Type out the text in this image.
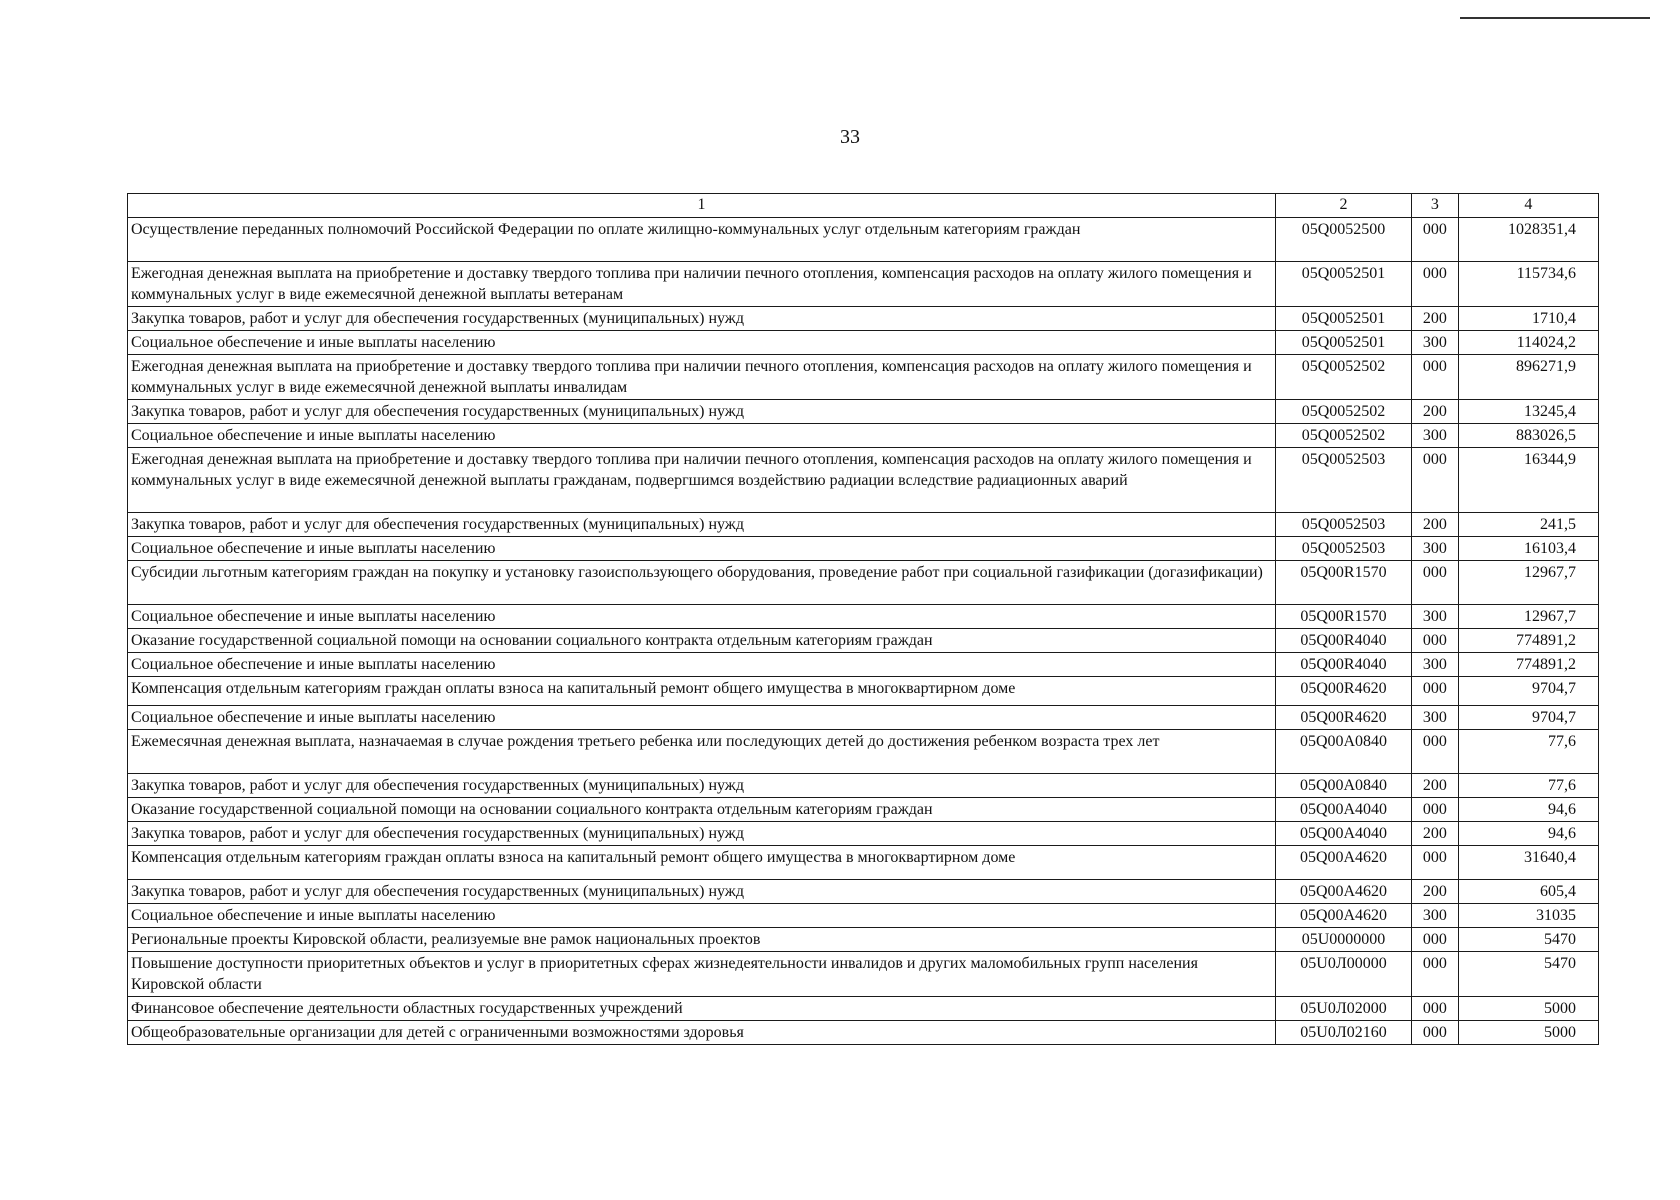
33
1	2	3	4
Осуществление переданных полномочий Российской Федерации по оплате жилищно-коммунальных услуг отдельным категориям граждан	05Q0052500	000	1028351,4
Ежегодная денежная выплата на приобретение и доставку твердого топлива при наличии печного отопления, компенсация расходов на оплату жилого помещения и коммунальных услуг в виде ежемесячной денежной выплаты ветеранам	05Q0052501	000	115734,6
Закупка товаров, работ и услуг для обеспечения государственных (муниципальных) нужд	05Q0052501	200	1710,4
Социальное обеспечение и иные выплаты населению	05Q0052501	300	114024,2
Ежегодная денежная выплата на приобретение и доставку твердого топлива при наличии печного отопления, компенсация расходов на оплату жилого помещения и коммунальных услуг в виде ежемесячной денежной выплаты инвалидам	05Q0052502	000	896271,9
Закупка товаров, работ и услуг для обеспечения государственных (муниципальных) нужд	05Q0052502	200	13245,4
Социальное обеспечение и иные выплаты населению	05Q0052502	300	883026,5
Ежегодная денежная выплата на приобретение и доставку твердого топлива при наличии печного отопления, компенсация расходов на оплату жилого помещения и коммунальных услуг в виде ежемесячной денежной выплаты гражданам, подвергшимся воздействию радиации вследствие радиационных аварий	05Q0052503	000	16344,9
Закупка товаров, работ и услуг для обеспечения государственных (муниципальных) нужд	05Q0052503	200	241,5
Социальное обеспечение и иные выплаты населению	05Q0052503	300	16103,4
Субсидии льготным категориям граждан на покупку и установку газоиспользующего оборудования, проведение работ при социальной газификации (догазификации)	05Q00R1570	000	12967,7
Социальное обеспечение и иные выплаты населению	05Q00R1570	300	12967,7
Оказание государственной социальной помощи на основании социального контракта отдельным категориям граждан	05Q00R4040	000	774891,2
Социальное обеспечение и иные выплаты населению	05Q00R4040	300	774891,2
Компенсация отдельным категориям граждан оплаты взноса на капитальный ремонт общего имущества в многоквартирном доме	05Q00R4620	000	9704,7
Социальное обеспечение и иные выплаты населению	05Q00R4620	300	9704,7
Ежемесячная денежная выплата, назначаемая в случае рождения третьего ребенка или последующих детей до достижения ребенком возраста трех лет	05Q00A0840	000	77,6
Закупка товаров, работ и услуг для обеспечения государственных (муниципальных) нужд	05Q00A0840	200	77,6
Оказание государственной социальной помощи на основании социального контракта отдельным категориям граждан	05Q00A4040	000	94,6
Закупка товаров, работ и услуг для обеспечения государственных (муниципальных) нужд	05Q00A4040	200	94,6
Компенсация отдельным категориям граждан оплаты взноса на капитальный ремонт общего имущества в многоквартирном доме	05Q00A4620	000	31640,4
Закупка товаров, работ и услуг для обеспечения государственных (муниципальных) нужд	05Q00A4620	200	605,4
Социальное обеспечение и иные выплаты населению	05Q00A4620	300	31035
Региональные проекты Кировской области, реализуемые вне рамок национальных проектов	05U0000000	000	5470
Повышение доступности приоритетных объектов и услуг в приоритетных сферах жизнедеятельности инвалидов и других маломобильных групп населения Кировской области	05U0Л00000	000	5470
Финансовое обеспечение деятельности областных государственных учреждений	05U0Л02000	000	5000
Общеобразовательные организации для детей с ограниченными возможностями здоровья	05U0Л02160	000	5000
